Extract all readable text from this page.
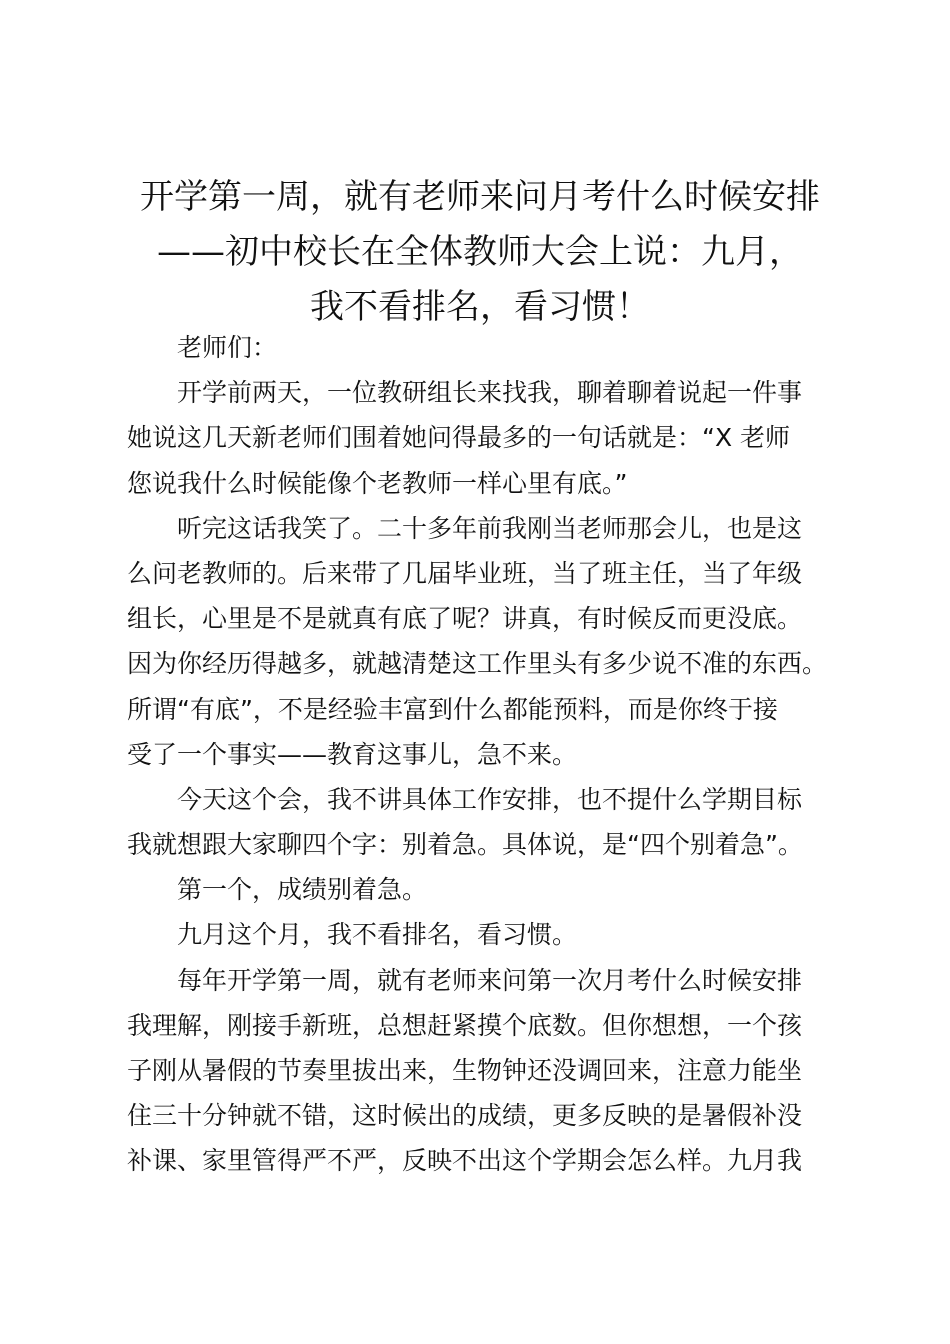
开学第一周，就有老师来问月考什么时候安排
——初中校长在全体教师大会上说：九月，
我不看排名，看习惯！
老师们：
开学前两天，一位教研组长来找我，聊着聊着说起一件事
她说这几天新老师们围着她问得最多的一句话就是：“X 老师
您说我什么时候能像个老教师一样心里有底。”
听完这话我笑了。二十多年前我刚当老师那会儿，也是这
么问老教师的。后来带了几届毕业班，当了班主任，当了年级
组长，心里是不是就真有底了呢？讲真，有时候反而更没底。
因为你经历得越多，就越清楚这工作里头有多少说不准的东西。
所谓“有底”，不是经验丰富到什么都能预料，而是你终于接
受了一个事实——教育这事儿，急不来。
今天这个会，我不讲具体工作安排，也不提什么学期目标
我就想跟大家聊四个字：别着急。具体说，是“四个别着急”。
第一个，成绩别着急。
九月这个月，我不看排名，看习惯。
每年开学第一周，就有老师来问第一次月考什么时候安排
我理解，刚接手新班，总想赶紧摸个底数。但你想想，一个孩
子刚从暑假的节奏里拔出来，生物钟还没调回来，注意力能坐
住三十分钟就不错，这时候出的成绩，更多反映的是暑假补没
补课、家里管得严不严，反映不出这个学期会怎么样。九月我
